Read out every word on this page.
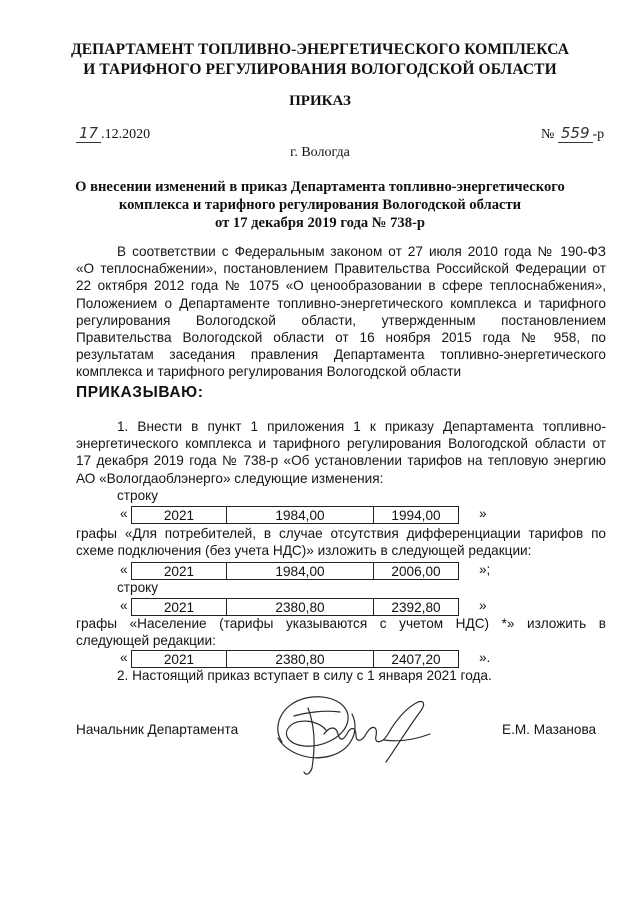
ДЕПАРТАМЕНТ ТОПЛИВНО-ЭНЕРГЕТИЧЕСКОГО КОМПЛЕКСА
И ТАРИФНОГО РЕГУЛИРОВАНИЯ ВОЛОГОДСКОЙ ОБЛАСТИ
ПРИКАЗ
17 .12.2020	№ 559 -р
г. Вологда
О внесении изменений в приказ Департамента топливно-энергетического
комплекса и тарифного регулирования Вологодской области
от 17 декабря 2019 года № 738-р
В соответствии с Федеральным законом от 27 июля 2010 года № 190-ФЗ
«О теплоснабжении», постановлением Правительства Российской Федерации от
22 октября 2012 года № 1075 «О ценообразовании в сфере теплоснабжения»,
Положением о Департаменте топливно-энергетического комплекса и тарифного
регулирования Вологодской области, утвержденным постановлением
Правительства Вологодской области от 16 ноября 2015 года № 958, по
результатам заседания правления Департамента топливно-энергетического
комплекса и тарифного регулирования Вологодской области
ПРИКАЗЫВАЮ:
1. Внести в пункт 1 приложения 1 к приказу Департамента топливно-
энергетического комплекса и тарифного регулирования Вологодской области от
17 декабря 2019 года № 738-р «Об установлении тарифов на тепловую энергию
АО «Вологдаоблэнерго» следующие изменения:
строку
«	2021	1984,00	1994,00	»
графы «Для потребителей, в случае отсутствия дифференциации тарифов по
схеме подключения (без учета НДС)» изложить в следующей редакции:
«	2021	1984,00	2006,00	»;
строку
«	2021	2380,80	2392,80	»
графы «Население (тарифы указываются с учетом НДС) *» изложить в
следующей редакции:
«	2021	2380,80	2407,20	».
2. Настоящий приказ вступает в силу с 1 января 2021 года.
Начальник Департамента	Е.М. Мазанова
